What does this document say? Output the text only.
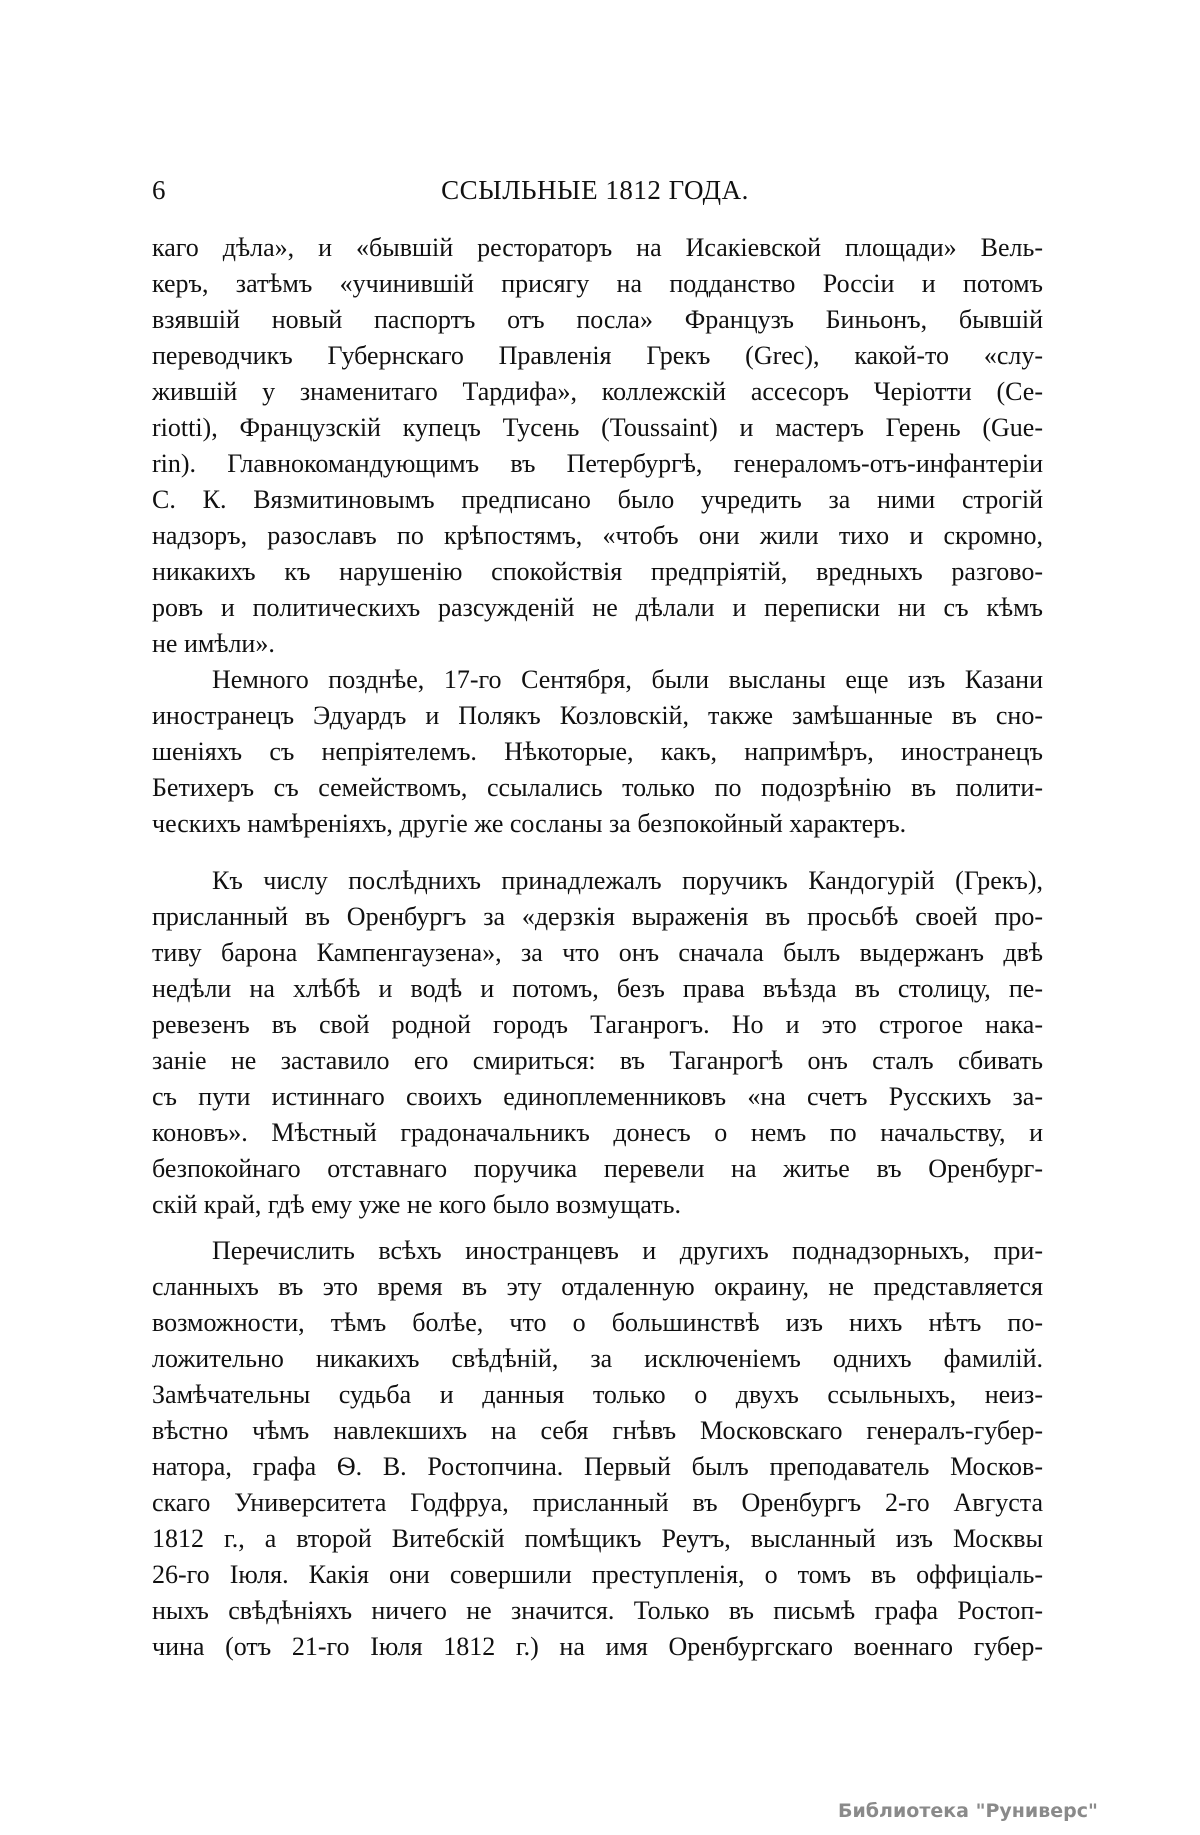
6	ССЫЛЬНЫЕ 1812 ГОДА.
каго дѣла», и «бывшій рестораторъ на Исакіевской площади» Вель-
керъ, затѣмъ «учинившій присягу на подданство Россіи и потомъ
взявшій новый паспортъ отъ посла» Французъ Биньонъ, бывшій
переводчикъ Губернскаго Правленія Грекъ (Grec), какой-то «слу-
жившій у знаменитаго Тардифа», коллежскій ассесоръ Черіотти (Се-
riotti), Французскій купецъ Тусень (Toussaint) и мастеръ Герень (Gue-
rin). Главнокомандующимъ въ Петербургѣ, генераломъ-отъ-инфантеріи
С. К. Вязмитиновымъ предписано было учредить за ними строгій
надзоръ, разославъ по крѣпостямъ, «чтобъ они жили тихо и скромно,
никакихъ къ нарушенію спокойствія предпріятій, вредныхъ разгово-
ровъ и политическихъ разсужденій не дѣлали и переписки ни съ кѣмъ
не имѣли».
Немного позднѣе, 17-го Сентября, были высланы еще изъ Казани
иностранецъ Эдуардъ и Полякъ Козловскій, также замѣшанные въ сно-
шеніяхъ съ непріятелемъ. Нѣкоторые, какъ, напримѣръ, иностранецъ
Бетихеръ съ семействомъ, ссылались только по подозрѣнію въ полити-
ческихъ намѣреніяхъ, другіе же сосланы за безпокойный характеръ.
Къ числу послѣднихъ принадлежалъ поручикъ Кандогурій (Грекъ),
присланный въ Оренбургъ за «дерзкія выраженія въ просьбѣ своей про-
тиву барона Кампенгаузена», за что онъ сначала былъ выдержанъ двѣ
недѣли на хлѣбѣ и водѣ и потомъ, безъ права въѣзда въ столицу, пе-
ревезенъ въ свой родной городъ Таганрогъ. Но и это строгое нака-
заніе не заставило его смириться: въ Таганрогѣ онъ сталъ сбивать
съ пути истиннаго своихъ единоплеменниковъ «на счетъ Русскихъ за-
коновъ». Мѣстный градоначальникъ донесъ о немъ по начальству, и
безпокойнаго отставнаго поручика перевели на житье въ Оренбург-
скій край, гдѣ ему уже не кого было возмущать.
Перечислить всѣхъ иностранцевъ и другихъ поднадзорныхъ, при-
сланныхъ въ это время въ эту отдаленную окраину, не представляется
возможности, тѣмъ болѣе, что о большинствѣ изъ нихъ нѣтъ по-
ложительно никакихъ свѣдѣній, за исключеніемъ однихъ фамилій.
Замѣчательны судьба и данныя только о двухъ ссыльныхъ, неиз-
вѣстно чѣмъ навлекшихъ на себя гнѣвъ Московскаго генералъ-губер-
натора, графа Ѳ. В. Ростопчина. Первый былъ преподаватель Москов-
скаго Университета Годфруа, присланный въ Оренбургъ 2-го Августа
1812 г., а второй Витебскій помѣщикъ Реутъ, высланный изъ Москвы
26-го Іюля. Какія они совершили преступленія, о томъ въ оффиціаль-
ныхъ свѣдѣніяхъ ничего не значится. Только въ письмѣ графа Ростоп-
чина (отъ 21-го Іюля 1812 г.) на имя Оренбургскаго военнаго губер-
Библиотека "Руниверс"
